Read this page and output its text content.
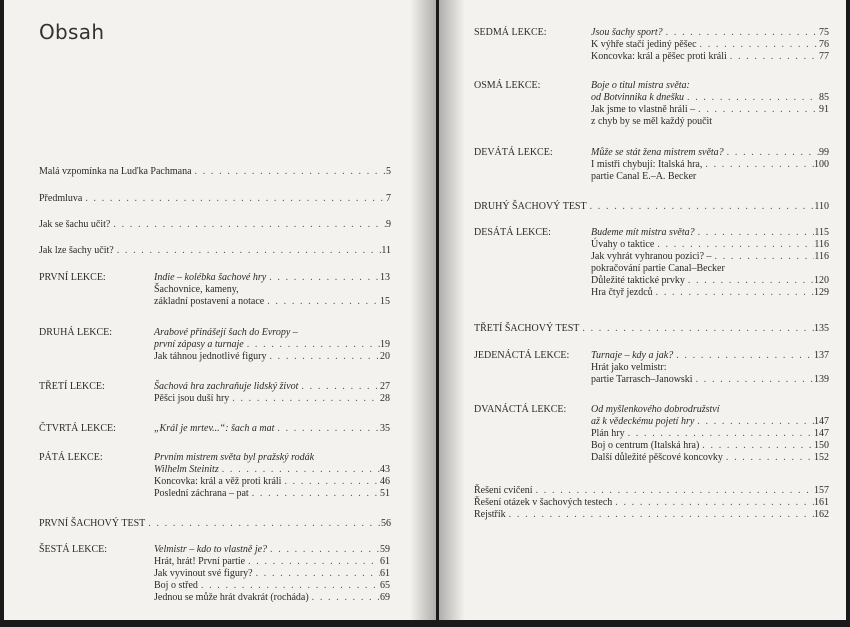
Obsah
Malá vzpomínka na Luďka Pachmana . . .	5
Předmluva . . .	7
Jak se šachu učit? . . .	9
Jak lze šachy učit? . . .	11
PRVNÍ LEKCE:	Indie – kolébka šachové hry . . .	13
Šachovnice, kameny,
základní postavení a notace . . .	15
DRUHÁ LEKCE:	Arabové přinášejí šach do Evropy –
první zápasy a turnaje . . .	19
Jak táhnou jednotlivé figury . . .	20
TŘETÍ LEKCE:	Šachová hra zachraňuje lidský život . . .	27
Pěšci jsou duší hry . . .	28
ČTVRTÁ LEKCE:	„Král je mrtev...“: šach a mat . . .	35
PÁTÁ LEKCE:	Prvním mistrem světa byl pražský rodák
Wilhelm Steinitz . . .	43
Koncovka: král a věž proti králi . . .	46
Poslední záchrana – pat . . .	51
PRVNÍ ŠACHOVÝ TEST . . .	56
ŠESTÁ LEKCE:	Velmistr – kdo to vlastně je? . . .	59
Hrát, hrát! První partie . . .	61
Jak vyvinout své figury? . . .	61
Boj o střed . . .	65
Jednou se může hrát dvakrát (rocháda) . . .	69
SEDMÁ LEKCE:	Jsou šachy sport? . . .	75
K výhře stačí jediný pěšec . . .	76
Koncovka: král a pěšec proti králi . . .	77
OSMÁ LEKCE:	Boje o titul mistra světa:
od Botvinnika k dnešku . . .	85
Jak jsme to vlastně hráli – . . .	91
z chyb by se měl každý poučit
DEVÁTÁ LEKCE:	Může se stát žena mistrem světa? . . .	99
I mistři chybují: Italská hra, . . .	100
partie Canal E.–A. Becker
DRUHÝ ŠACHOVÝ TEST . . .	110
DESÁTÁ LEKCE:	Budeme mít mistra světa? . . .	115
Úvahy o taktice . . .	116
Jak vyhrát vyhranou pozici? – . . .	116
pokračování partie Canal–Becker
Důležité taktické prvky . . .	120
Hra čtyř jezdců . . .	129
TŘETÍ ŠACHOVÝ TEST . . .	135
JEDENÁCTÁ LEKCE: Turnaje – kdy a jak? . . .	137
Hrát jako velmistr:
partie Tarrasch–Janowski . . .	139
DVANÁCTÁ LEKCE: Od myšlenkového dobrodružství
až k vědeckému pojetí hry . . .	147
Plán hry . . .	147
Boj o centrum (Italská hra) . . .	150
Další důležité pěšcové koncovky . . .	152
Řešení cvičení . . .	157
Řešení otázek v šachových testech . . .	161
Rejstřík . . .	162
